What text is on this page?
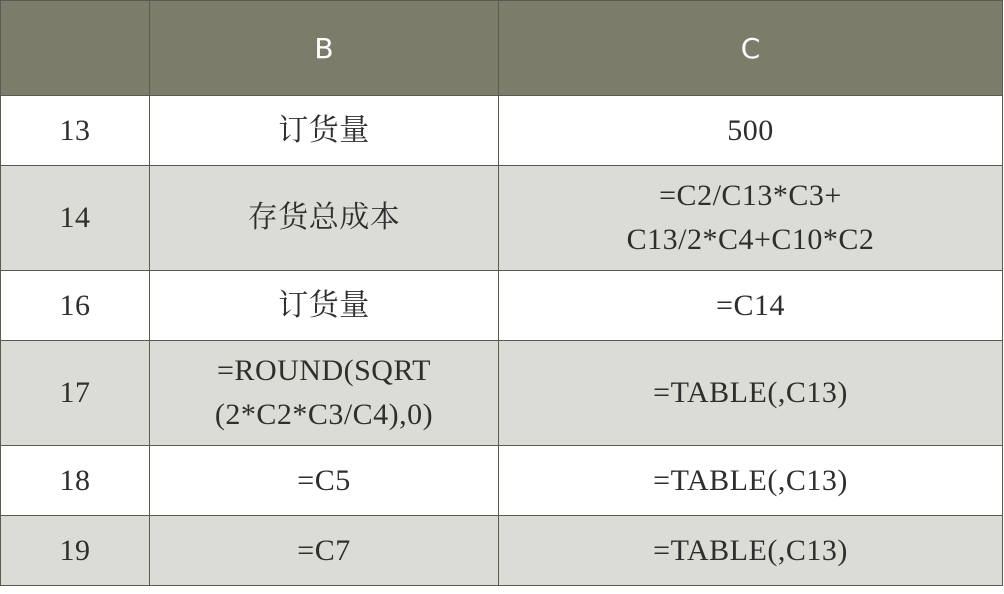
	B	C
13	订货量	500
14	存货总成本	=C2/C13*C3+
C13/2*C4+C10*C2
16	订货量	=C14
17	=ROUND(SQRT
(2*C2*C3/C4),0)	=TABLE(,C13)
18	=C5	=TABLE(,C13)
19	=C7	=TABLE(,C13)
